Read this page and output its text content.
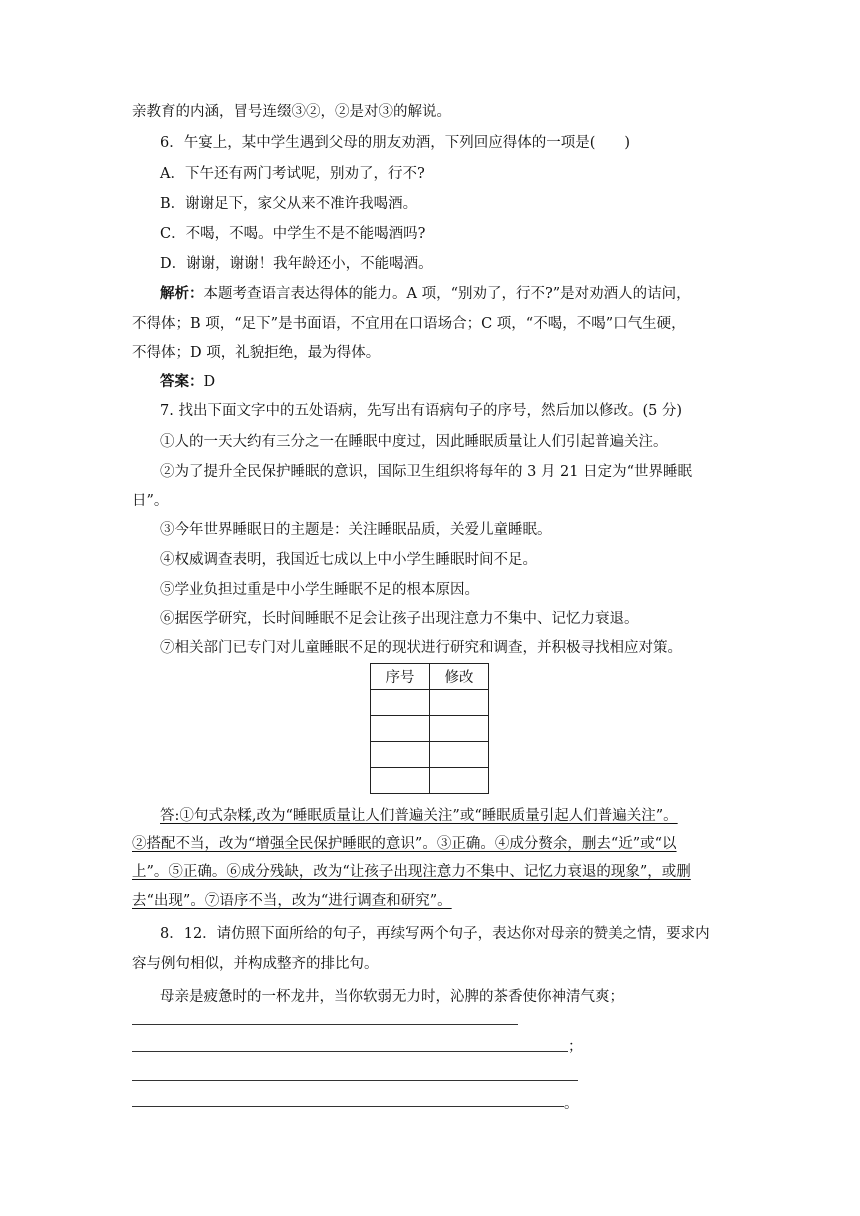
亲教育的内涵，冒号连缀③②，②是对③的解说。
6．午宴上，某中学生遇到父母的朋友劝酒，下列回应得体的一项是(　　)
A．下午还有两门考试呢，别劝了，行不?
B．谢谢足下，家父从来不准许我喝酒。
C．不喝，不喝。中学生不是不能喝酒吗?
D．谢谢，谢谢！我年龄还小，不能喝酒。
解析：本题考查语言表达得体的能力。A 项，“别劝了，行不?”是对劝酒人的诘问，
不得体；B 项，“足下”是书面语，不宜用在口语场合；C 项，“不喝，不喝”口气生硬，
不得体；D 项，礼貌拒绝，最为得体。
答案：D
7. 找出下面文字中的五处语病，先写出有语病句子的序号，然后加以修改。(5 分)
①人的一天大约有三分之一在睡眠中度过，因此睡眠质量让人们引起普遍关注。
②为了提升全民保护睡眠的意识，国际卫生组织将每年的 3 月 21 日定为“世界睡眠
日”。
③今年世界睡眠日的主题是：关注睡眠品质，关爱儿童睡眠。
④权威调查表明，我国近七成以上中小学生睡眠时间不足。
⑤学业负担过重是中小学生睡眠不足的根本原因。
⑥据医学研究，长时间睡眠不足会让孩子出现注意力不集中、记忆力衰退。
⑦相关部门已专门对儿童睡眠不足的现状进行研究和调查，并积极寻找相应对策。
序号	修改

答:①句式杂糅,改为“睡眠质量让人们普遍关注”或“睡眠质量引起人们普遍关注”。
②搭配不当，改为“增强全民保护睡眠的意识”。③正确。④成分赘余，删去“近”或“以
上”。⑤正确。⑥成分残缺，改为“让孩子出现注意力不集中、记忆力衰退的现象”，或删
去“出现”。⑦语序不当，改为“进行调查和研究”。
8．12．请仿照下面所给的句子，再续写两个句子，表达你对母亲的赞美之情，要求内
容与例句相似，并构成整齐的排比句。
母亲是疲惫时的一杯龙井，当你软弱无力时，沁脾的茶香使你神清气爽；
；
。
